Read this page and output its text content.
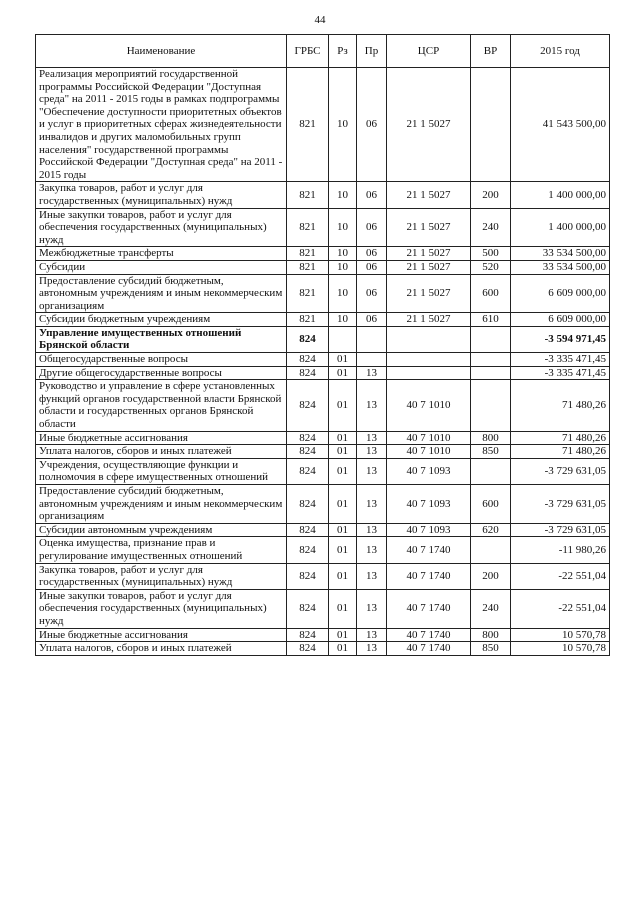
44
Наименование	ГРБС	Рз	Пр	ЦСР	ВР	2015 год
Реализация мероприятий государственной программы Российской Федерации "Доступная среда" на 2011 - 2015 годы в рамках подпрограммы "Обеспечение доступности приоритетных объектов и услуг в приоритетных сферах жизнедеятельности инвалидов и других маломобильных групп населения" государственной программы Российской Федерации "Доступная среда" на 2011 - 2015 годы	821	10	06	21 1 5027		41 543 500,00
Закупка товаров, работ и услуг для государственных (муниципальных) нужд	821	10	06	21 1 5027	200	1 400 000,00
Иные закупки товаров, работ и услуг для обеспечения государственных (муниципальных) нужд	821	10	06	21 1 5027	240	1 400 000,00
Межбюджетные трансферты	821	10	06	21 1 5027	500	33 534 500,00
Субсидии	821	10	06	21 1 5027	520	33 534 500,00
Предоставление субсидий бюджетным, автономным учреждениям и иным некоммерческим организациям	821	10	06	21 1 5027	600	6 609 000,00
Субсидии бюджетным учреждениям	821	10	06	21 1 5027	610	6 609 000,00
Управление имущественных отношений Брянской области	824					-3 594 971,45
Общегосударственные вопросы	824	01				-3 335 471,45
Другие общегосударственные вопросы	824	01	13			-3 335 471,45
Руководство и управление в сфере установленных функций органов государственной власти Брянской области и государственных органов Брянской области	824	01	13	40 7 1010		71 480,26
Иные бюджетные ассигнования	824	01	13	40 7 1010	800	71 480,26
Уплата налогов, сборов и иных платежей	824	01	13	40 7 1010	850	71 480,26
Учреждения, осуществляющие функции и полномочия в сфере имущественных отношений	824	01	13	40 7 1093		-3 729 631,05
Предоставление субсидий бюджетным, автономным учреждениям и иным некоммерческим организациям	824	01	13	40 7 1093	600	-3 729 631,05
Субсидии автономным учреждениям	824	01	13	40 7 1093	620	-3 729 631,05
Оценка имущества, признание прав и регулирование имущественных отношений	824	01	13	40 7 1740		-11 980,26
Закупка товаров, работ и услуг для государственных (муниципальных) нужд	824	01	13	40 7 1740	200	-22 551,04
Иные закупки товаров, работ и услуг для обеспечения государственных (муниципальных) нужд	824	01	13	40 7 1740	240	-22 551,04
Иные бюджетные ассигнования	824	01	13	40 7 1740	800	10 570,78
Уплата налогов, сборов и иных платежей	824	01	13	40 7 1740	850	10 570,78
